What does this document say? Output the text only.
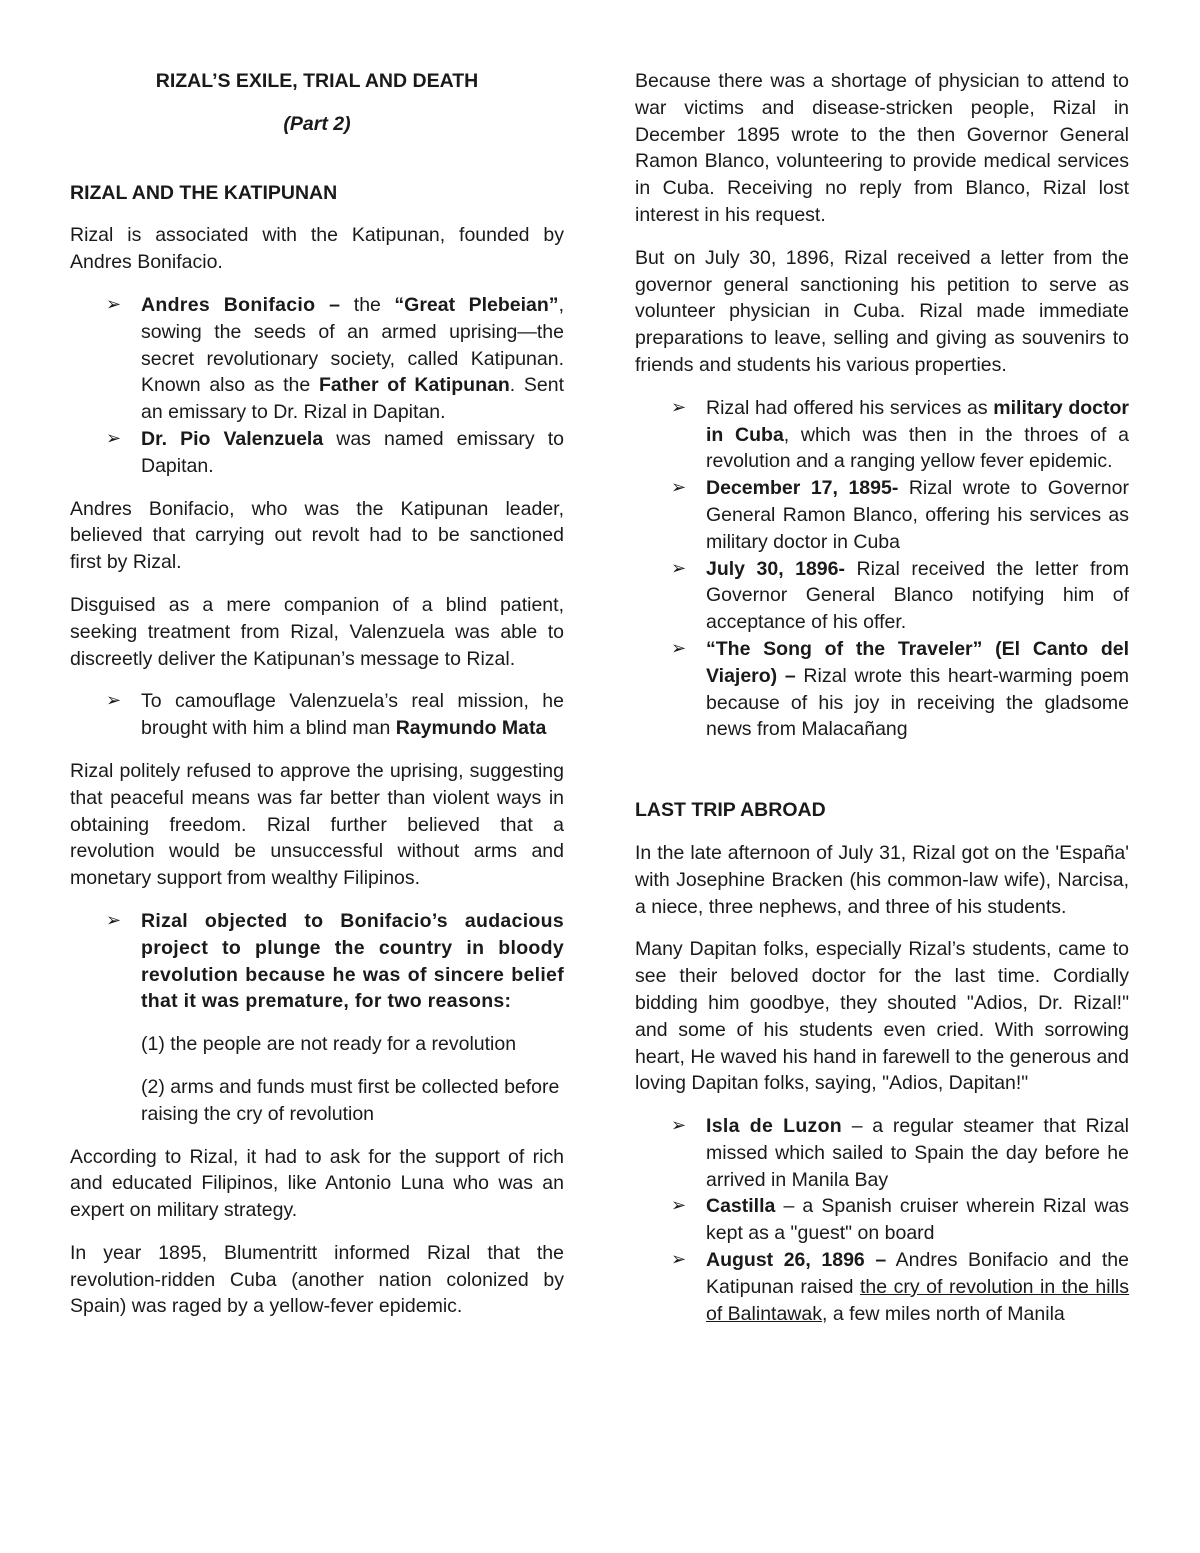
RIZAL’S EXILE, TRIAL AND DEATH
(Part 2)
RIZAL AND THE KATIPUNAN

Rizal is associated with the Katipunan, founded by Andres Bonifacio.

➢ Andres Bonifacio – the “Great Plebeian”, sowing the seeds of an armed uprising—the secret revolutionary society, called Katipunan. Known also as the Father of Katipunan. Sent an emissary to Dr. Rizal in Dapitan.
➢ Dr. Pio Valenzuela was named emissary to Dapitan.

Andres Bonifacio, who was the Katipunan leader, believed that carrying out revolt had to be sanctioned first by Rizal.

Disguised as a mere companion of a blind patient, seeking treatment from Rizal, Valenzuela was able to discreetly deliver the Katipunan’s message to Rizal.

➢ To camouflage Valenzuela’s real mission, he brought with him a blind man Raymundo Mata

Rizal politely refused to approve the uprising, suggesting that peaceful means was far better than violent ways in obtaining freedom. Rizal further believed that a revolution would be unsuccessful without arms and monetary support from wealthy Filipinos.

➢ Rizal objected to Bonifacio’s audacious project to plunge the country in bloody revolution because he was of sincere belief that it was premature, for two reasons:

(1) the people are not ready for a revolution

(2) arms and funds must first be collected before raising the cry of revolution

According to Rizal, it had to ask for the support of rich and educated Filipinos, like Antonio Luna who was an expert on military strategy.

In year 1895, Blumentritt informed Rizal that the revolution-ridden Cuba (another nation colonized by Spain) was raged by a yellow-fever epidemic.

Because there was a shortage of physician to attend to war victims and disease-stricken people, Rizal in December 1895 wrote to the then Governor General Ramon Blanco, volunteering to provide medical services in Cuba. Receiving no reply from Blanco, Rizal lost interest in his request.

But on July 30, 1896, Rizal received a letter from the governor general sanctioning his petition to serve as volunteer physician in Cuba. Rizal made immediate preparations to leave, selling and giving as souvenirs to friends and students his various properties.

➢ Rizal had offered his services as military doctor in Cuba, which was then in the throes of a revolution and a ranging yellow fever epidemic.
➢ December 17, 1895- Rizal wrote to Governor General Ramon Blanco, offering his services as military doctor in Cuba
➢ July 30, 1896- Rizal received the letter from Governor General Blanco notifying him of acceptance of his offer.
➢ “The Song of the Traveler” (El Canto del Viajero) – Rizal wrote this heart-warming poem because of his joy in receiving the gladsome news from Malacañang
LAST TRIP ABROAD

In the late afternoon of July 31, Rizal got on the 'España' with Josephine Bracken (his common-law wife), Narcisa, a niece, three nephews, and three of his students.

Many Dapitan folks, especially Rizal’s students, came to see their beloved doctor for the last time. Cordially bidding him goodbye, they shouted "Adios, Dr. Rizal!" and some of his students even cried. With sorrowing heart, He waved his hand in farewell to the generous and loving Dapitan folks, saying, "Adios, Dapitan!"

➢ Isla de Luzon – a regular steamer that Rizal missed which sailed to Spain the day before he arrived in Manila Bay
➢ Castilla – a Spanish cruiser wherein Rizal was kept as a "guest" on board
➢ August 26, 1896 – Andres Bonifacio and the Katipunan raised the cry of revolution in the hills of Balintawak, a few miles north of Manila
